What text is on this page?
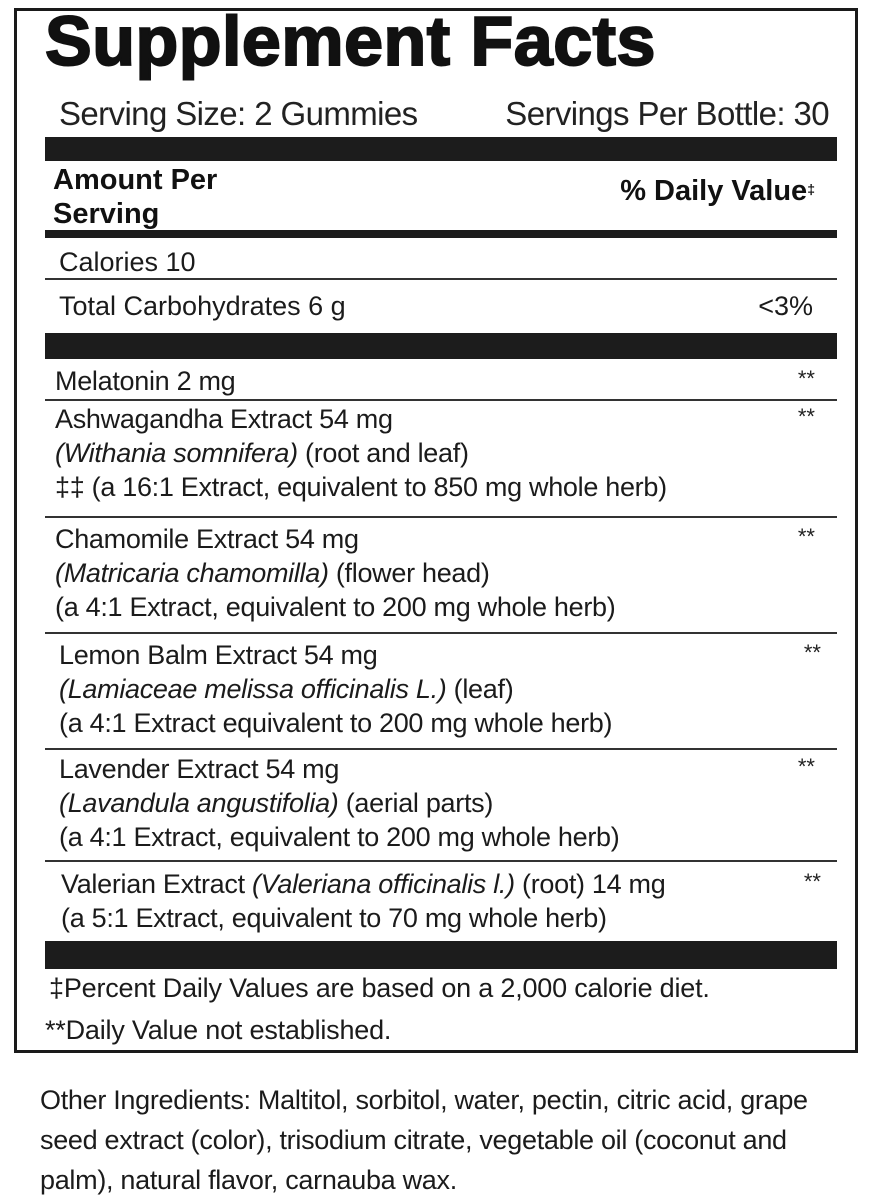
Supplement Facts
Serving Size: 2 Gummies	Servings Per Bottle: 30
Amount Per
Serving
% Daily Value‡
Calories 10
Total Carbohydrates 6 g	<3%
Melatonin 2 mg	**
Ashwagandha Extract 54 mg
(Withania somnifera) (root and leaf)
‡‡ (a 16:1 Extract, equivalent to 850 mg whole herb)
**
Chamomile Extract 54 mg
(Matricaria chamomilla) (flower head)
(a 4:1 Extract, equivalent to 200 mg whole herb)
**
Lemon Balm Extract 54 mg
(Lamiaceae melissa officinalis L.) (leaf)
(a 4:1 Extract equivalent to 200 mg whole herb)
**
Lavender Extract 54 mg
(Lavandula angustifolia) (aerial parts)
(a 4:1 Extract, equivalent to 200 mg whole herb)
**
Valerian Extract (Valeriana officinalis l.) (root) 14 mg
(a 5:1 Extract, equivalent to 70 mg whole herb)
**
‡Percent Daily Values are based on a 2,000 calorie diet.
**Daily Value not established.
Other Ingredients: Maltitol, sorbitol, water, pectin, citric acid, grape seed extract (color), trisodium citrate, vegetable oil (coconut and palm), natural flavor, carnauba wax.
